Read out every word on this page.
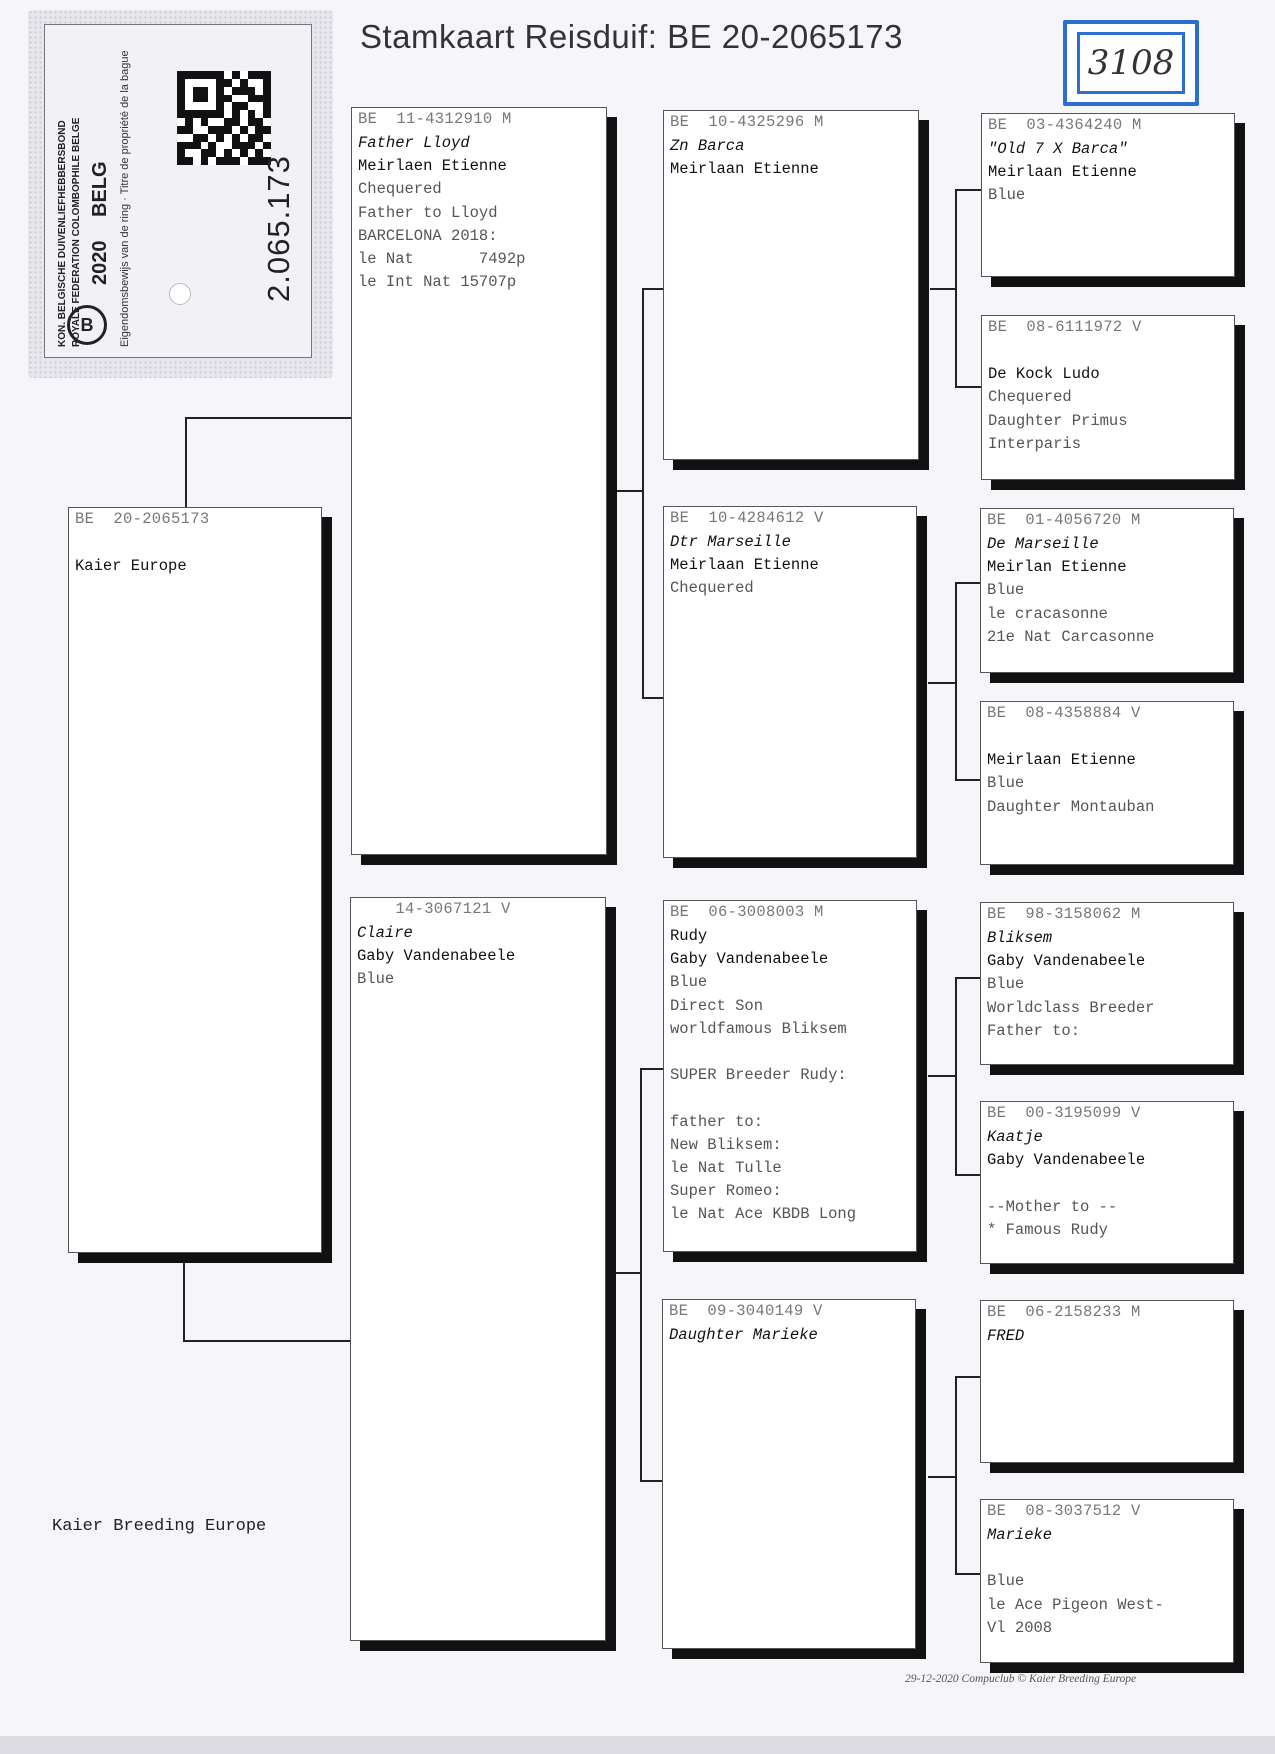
B
KON. BELGISCHE DUIVENLIEFHEBBERSBOND ROYALE FEDERATION COLOMBOPHILE BELGE 2020
BELG Eigendomsbewijs van de ring · Titre de propriété de la bague	2.065.173
Stamkaart Reisduif: BE 20-2065173
3108
BE  20-2065173

Kaier Europe
BE  11-4312910 M
Father Lloyd
Meirlaen Etienne
Chequered
Father to Lloyd
BARCELONA 2018:
le Nat       7492p
le Int Nat 15707p
14-3067121 V
Claire
Gaby Vandenabeele
Blue
BE  10-4325296 M
Zn Barca
Meirlaan Etienne
BE  10-4284612 V
Dtr Marseille
Meirlaan Etienne
Chequered
BE  06-3008003 M
Rudy
Gaby Vandenabeele
Blue
Direct Son
worldfamous Bliksem

SUPER Breeder Rudy:

father to:
New Bliksem:
le Nat Tulle
Super Romeo:
le Nat Ace KBDB Long
BE  09-3040149 V
Daughter Marieke
BE  03-4364240 M
"Old 7 X Barca"
Meirlaan Etienne
Blue
BE  08-6111972 V

De Kock Ludo
Chequered
Daughter Primus
Interparis
BE  01-4056720 M
De Marseille
Meirlan Etienne
Blue
le cracasonne
21e Nat Carcasonne
BE  08-4358884 V

Meirlaan Etienne
Blue
Daughter Montauban
BE  98-3158062 M
Bliksem
Gaby Vandenabeele
Blue
Worldclass Breeder
Father to:
BE  00-3195099 V
Kaatje
Gaby Vandenabeele

--Mother to --
* Famous Rudy
BE  06-2158233 M
FRED
BE  08-3037512 V
Marieke

Blue
le Ace Pigeon West-
Vl 2008
Kaier Breeding Europe
29-12-2020 Compuclub © Kaier Breeding Europe
